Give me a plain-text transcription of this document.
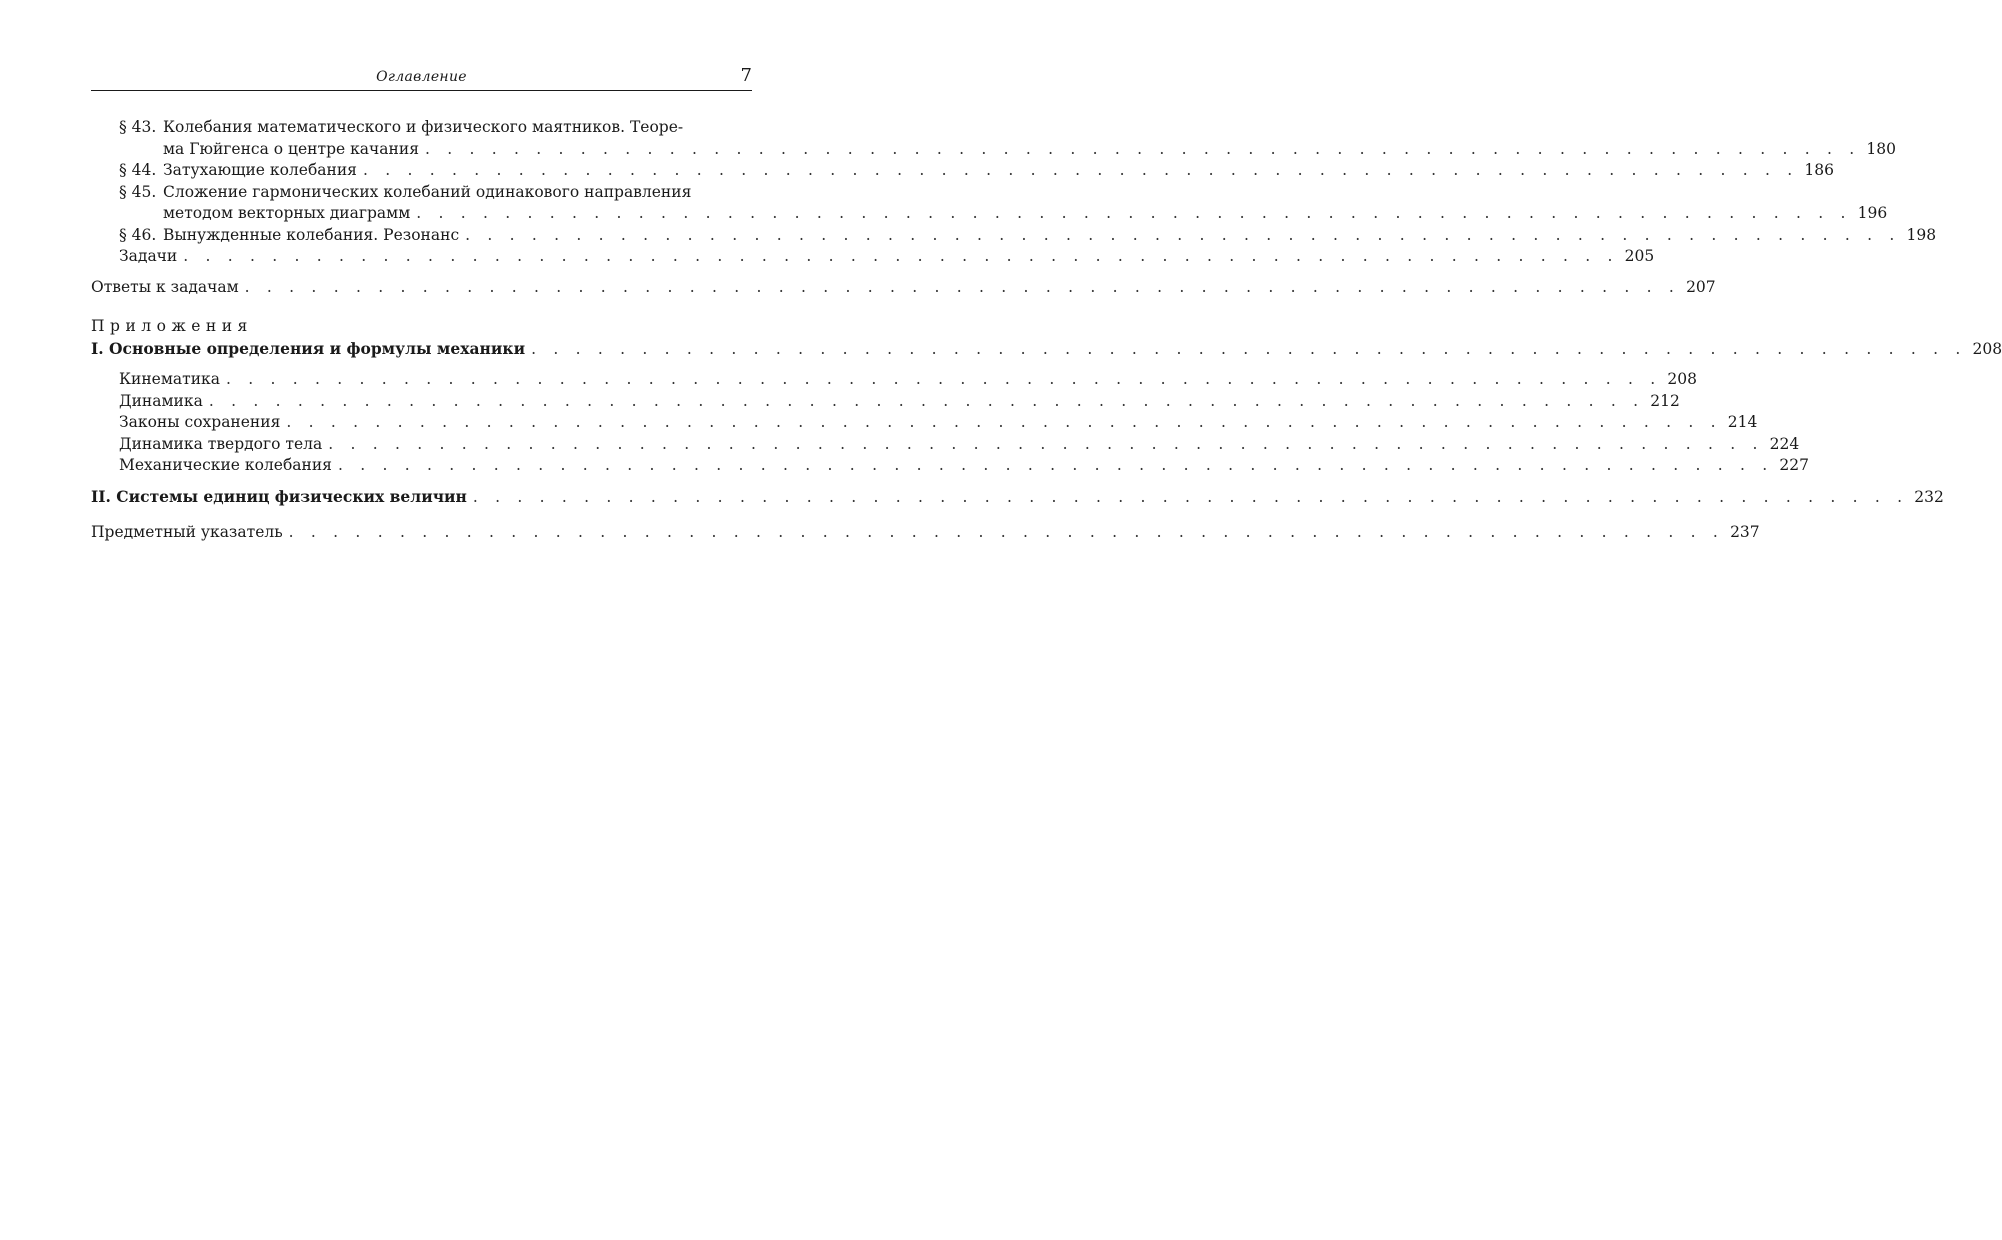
Оглавление	7
§ 43. Колебания математического и физического маятников. Теоре-
ма Гюйгенса о центре качания . . . . . . . . . . . . . . . . . . . . . . . . . . . . . . . . . . . . . . . . . . . . . . . . . . . . . . . . . . . . . . . . . 180
§ 44. Затухающие колебания . . . . . . . . . . . . . . . . . . . . . . . . . . . . . . . . . . . . . . . . . . . . . . . . . . . . . . . . . . . . . . . . . 186
§ 45. Сложение гармонических колебаний одинакового направления
методом векторных диаграмм . . . . . . . . . . . . . . . . . . . . . . . . . . . . . . . . . . . . . . . . . . . . . . . . . . . . . . . . . . . . . . . . . 196
§ 46. Вынужденные колебания. Резонанс . . . . . . . . . . . . . . . . . . . . . . . . . . . . . . . . . . . . . . . . . . . . . . . . . . . . . . . . . . . . . . . . . 198
Задачи . . . . . . . . . . . . . . . . . . . . . . . . . . . . . . . . . . . . . . . . . . . . . . . . . . . . . . . . . . . . . . . . . 205
Ответы к задачам . . . . . . . . . . . . . . . . . . . . . . . . . . . . . . . . . . . . . . . . . . . . . . . . . . . . . . . . . . . . . . . . . 207
Приложения
I. Основные определения и формулы механики . . . . . . . . . . . . . . . . . . . . . . . . . . . . . . . . . . . . . . . . . . . . . . . . . . . . . . . . . . . . . . . . . 208
Кинематика . . . . . . . . . . . . . . . . . . . . . . . . . . . . . . . . . . . . . . . . . . . . . . . . . . . . . . . . . . . . . . . . . 208
Динамика . . . . . . . . . . . . . . . . . . . . . . . . . . . . . . . . . . . . . . . . . . . . . . . . . . . . . . . . . . . . . . . . . 212
Законы сохранения . . . . . . . . . . . . . . . . . . . . . . . . . . . . . . . . . . . . . . . . . . . . . . . . . . . . . . . . . . . . . . . . . 214
Динамика твердого тела . . . . . . . . . . . . . . . . . . . . . . . . . . . . . . . . . . . . . . . . . . . . . . . . . . . . . . . . . . . . . . . . . 224
Механические колебания . . . . . . . . . . . . . . . . . . . . . . . . . . . . . . . . . . . . . . . . . . . . . . . . . . . . . . . . . . . . . . . . . 227
II. Системы единиц физических величин . . . . . . . . . . . . . . . . . . . . . . . . . . . . . . . . . . . . . . . . . . . . . . . . . . . . . . . . . . . . . . . . . 232
Предметный указатель . . . . . . . . . . . . . . . . . . . . . . . . . . . . . . . . . . . . . . . . . . . . . . . . . . . . . . . . . . . . . . . . . 237
